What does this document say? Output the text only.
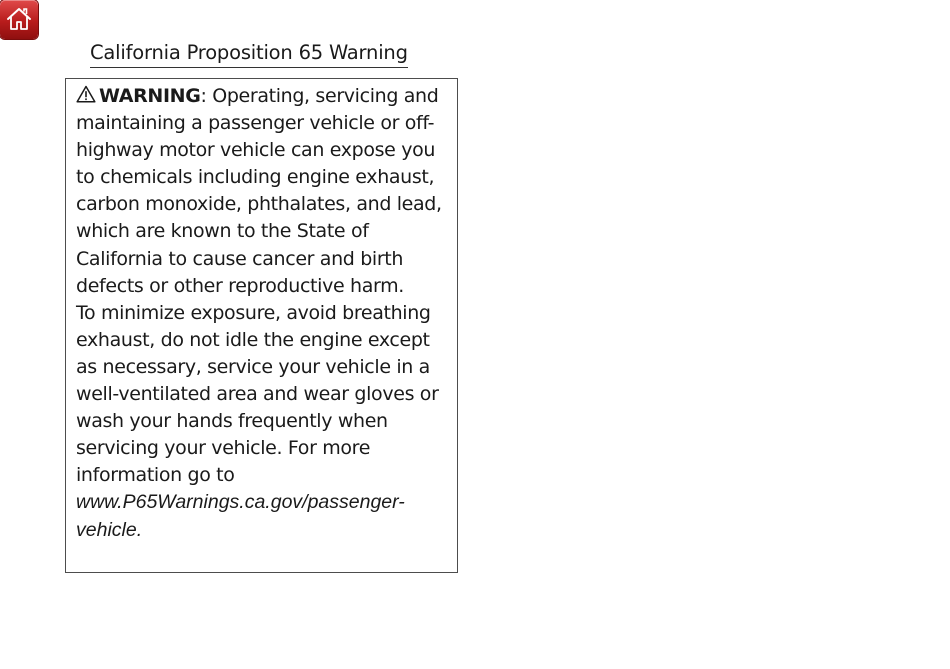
California Proposition 65 Warning

WARNING: Operating, servicing and maintaining a passenger vehicle or off-highway motor vehicle can expose you to chemicals including engine exhaust, carbon monoxide, phthalates, and lead, which are known to the State of California to cause cancer and birth defects or other reproductive harm.

To minimize exposure, avoid breathing exhaust, do not idle the engine except as necessary, service your vehicle in a well-ventilated area and wear gloves or wash your hands frequently when servicing your vehicle. For more information go to www.P65Warnings.ca.gov/passenger-vehicle.
